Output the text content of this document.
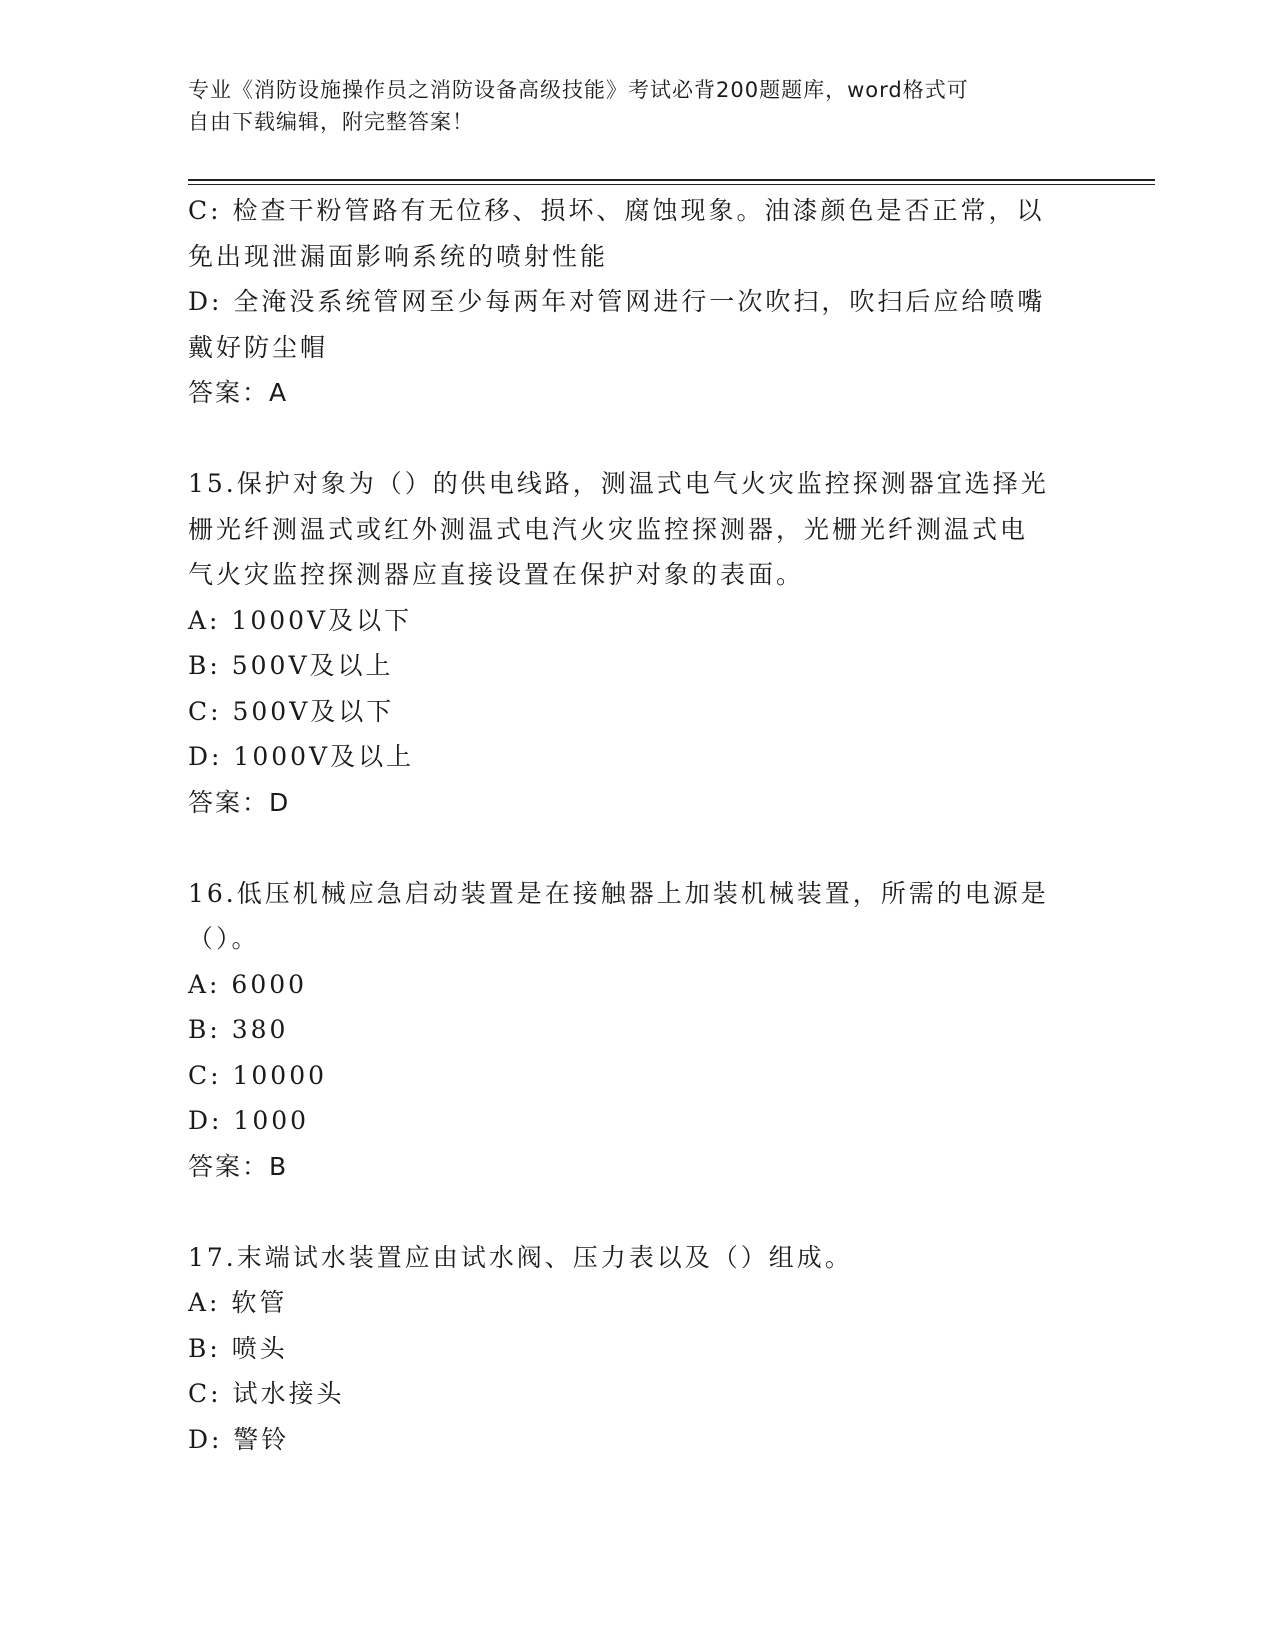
专业《消防设施操作员之消防设备高级技能》考试必背200题题库，word格式可
自由下载编辑，附完整答案！

C: 检查干粉管路有无位移、损坏、腐蚀现象。油漆颜色是否正常，以

免出现泄漏面影响系统的喷射性能

D: 全淹没系统管网至少每两年对管网进行一次吹扫，吹扫后应给喷嘴

戴好防尘帽

答案：A

15.保护对象为（）的供电线路，测温式电气火灾监控探测器宜选择光

栅光纤测温式或红外测温式电汽火灾监控探测器，光栅光纤测温式电

气火灾监控探测器应直接设置在保护对象的表面。

A: 1000V及以下

B: 500V及以上

C: 500V及以下

D: 1000V及以上

答案：D

16.低压机械应急启动装置是在接触器上加装机械装置，所需的电源是

（）。

A: 6000

B: 380

C: 10000

D: 1000

答案：B

17.末端试水装置应由试水阀、压力表以及（）组成。

A: 软管

B: 喷头

C: 试水接头

D: 警铃
